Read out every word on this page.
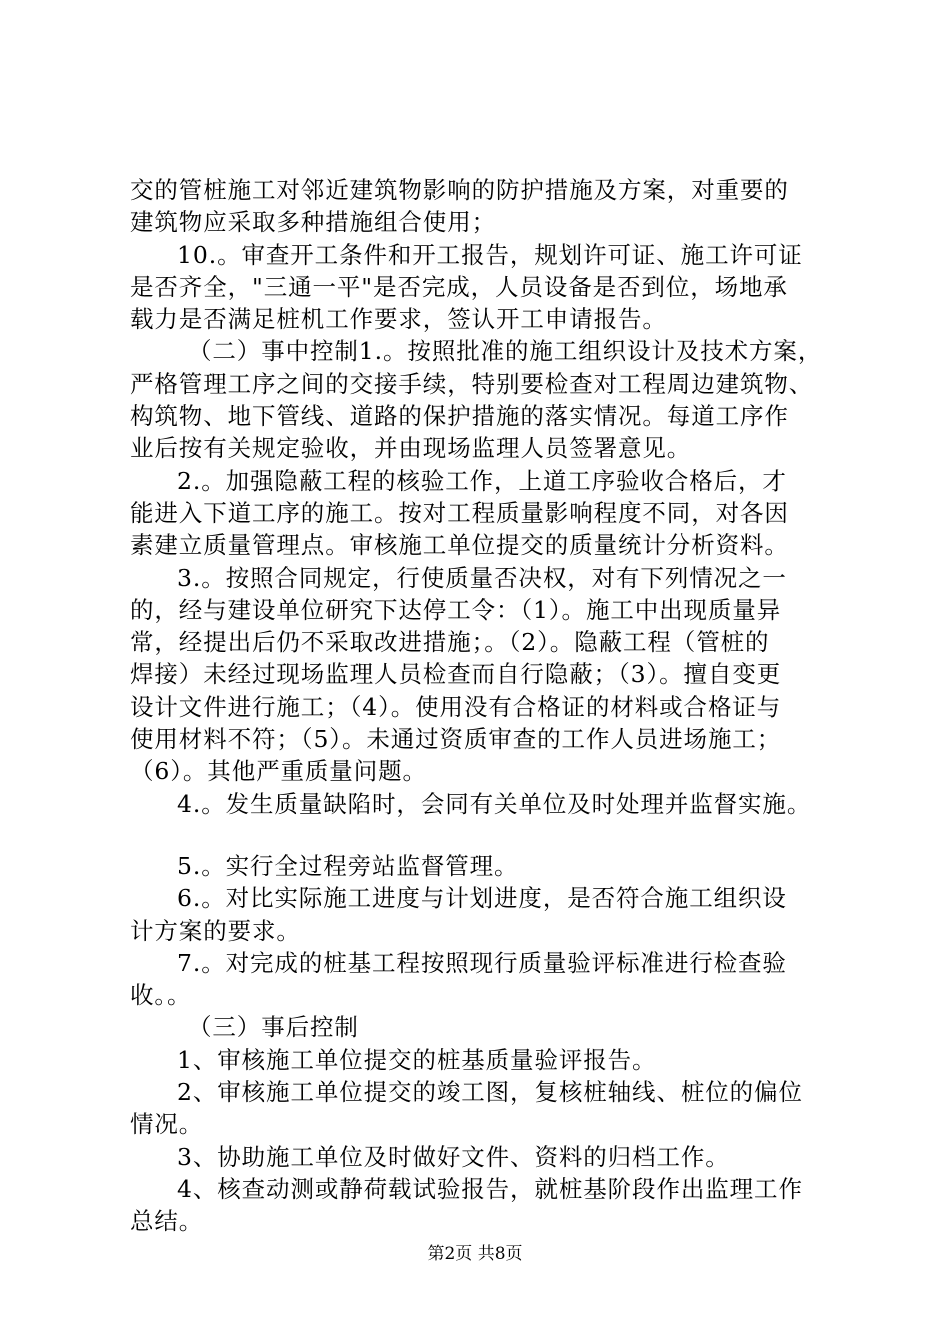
交的管桩施工对邻近建筑物影响的防护措施及方案，对重要的
建筑物应采取多种措施组合使用；
10.。审查开工条件和开工报告，规划许可证、施工许可证
是否齐全，"三通一平"是否完成，人员设备是否到位，场地承
载力是否满足桩机工作要求，签认开工申请报告。
（二）事中控制1.。按照批准的施工组织设计及技术方案，
严格管理工序之间的交接手续，特别要检查对工程周边建筑物、
构筑物、地下管线、道路的保护措施的落实情况。每道工序作
业后按有关规定验收，并由现场监理人员签署意见。
2.。加强隐蔽工程的核验工作，上道工序验收合格后，才
能进入下道工序的施工。按对工程质量影响程度不同，对各因
素建立质量管理点。审核施工单位提交的质量统计分析资料。
3.。按照合同规定，行使质量否决权，对有下列情况之一
的，经与建设单位研究下达停工令：（1）。施工中出现质量异
常，经提出后仍不采取改进措施；。（2）。隐蔽工程（管桩的
焊接）未经过现场监理人员检查而自行隐蔽；（3）。擅自变更
设计文件进行施工；（4）。使用没有合格证的材料或合格证与
使用材料不符；（5）。未通过资质审查的工作人员进场施工；
（6）。其他严重质量问题。
4.。发生质量缺陷时，会同有关单位及时处理并监督实施。
5.。实行全过程旁站监督管理。
6.。对比实际施工进度与计划进度，是否符合施工组织设
计方案的要求。
7.。对完成的桩基工程按照现行质量验评标准进行检查验
收。。
（三）事后控制
1、审核施工单位提交的桩基质量验评报告。
2、审核施工单位提交的竣工图，复核桩轴线、桩位的偏位
情况。
3、协助施工单位及时做好文件、资料的归档工作。
4、核查动测或静荷载试验报告，就桩基阶段作出监理工作
总结。
第2页 共8页
